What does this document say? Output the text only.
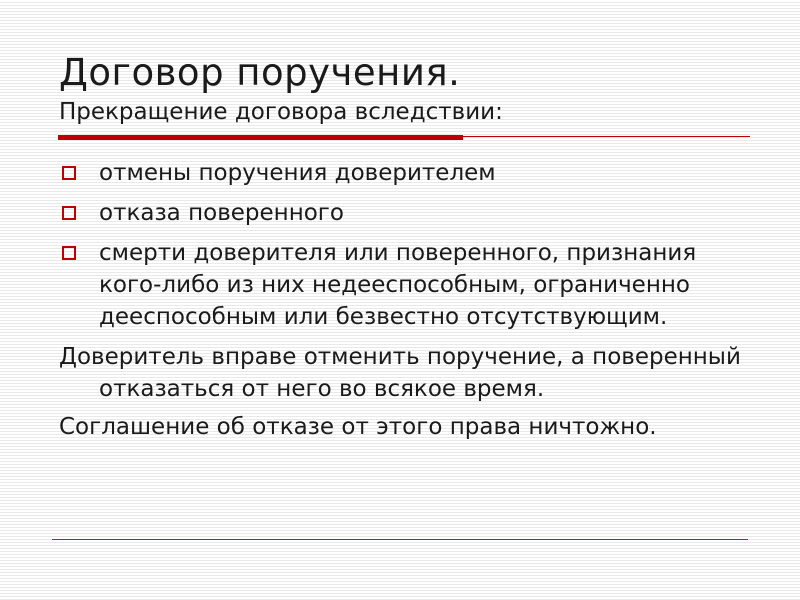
Договор поручения.
Прекращение договора вследствии:
отмены поручения доверителем
отказа поверенного
смерти доверителя или поверенного, признания кого-либо из них недееспособным, ограниченно дееспособным или безвестно отсутствующим.

Доверитель вправе отменить поручение, а поверенный отказаться от него во всякое время.

Соглашение об отказе от этого права ничтожно.
